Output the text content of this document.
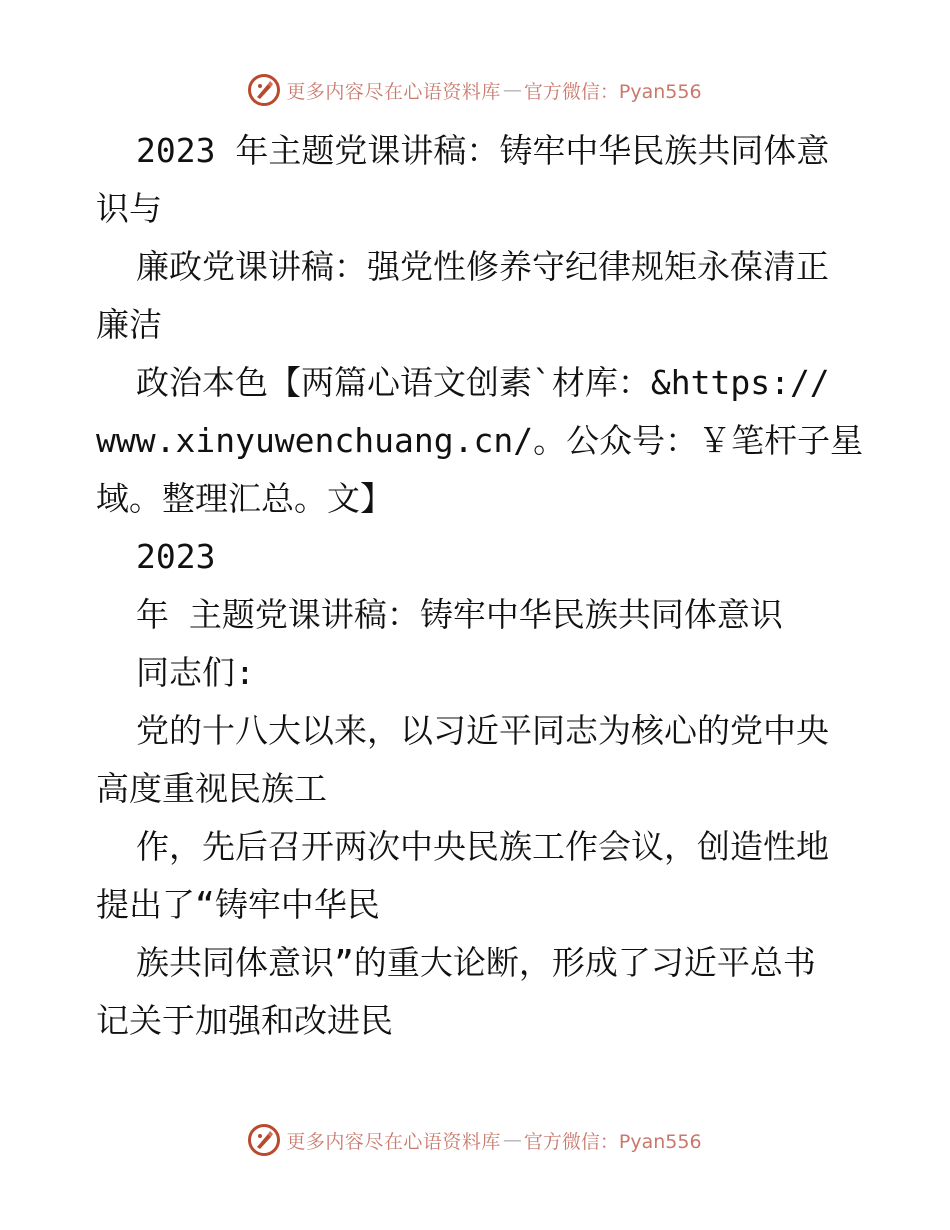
更多内容尽在心语资料库 — 官方微信：Pyan556
2023 年主题党课讲稿：铸牢中华民族共同体意
识与
廉政党课讲稿：强党性修养守纪律规矩永葆清正
廉洁
政治本色【两篇心语文创素`材库：&https://
www.xinyuwenchuang.cn/。公众号：￥笔杆子星
域。整理汇总。文】
2023
年 主题党课讲稿：铸牢中华民族共同体意识
同志们:
党的十八大以来，以习近平同志为核心的党中央
高度重视民族工
作，先后召开两次中央民族工作会议，创造性地
提出了“铸牢中华民
族共同体意识”的重大论断，形成了习近平总书
记关于加强和改进民
更多内容尽在心语资料库 — 官方微信：Pyan556
